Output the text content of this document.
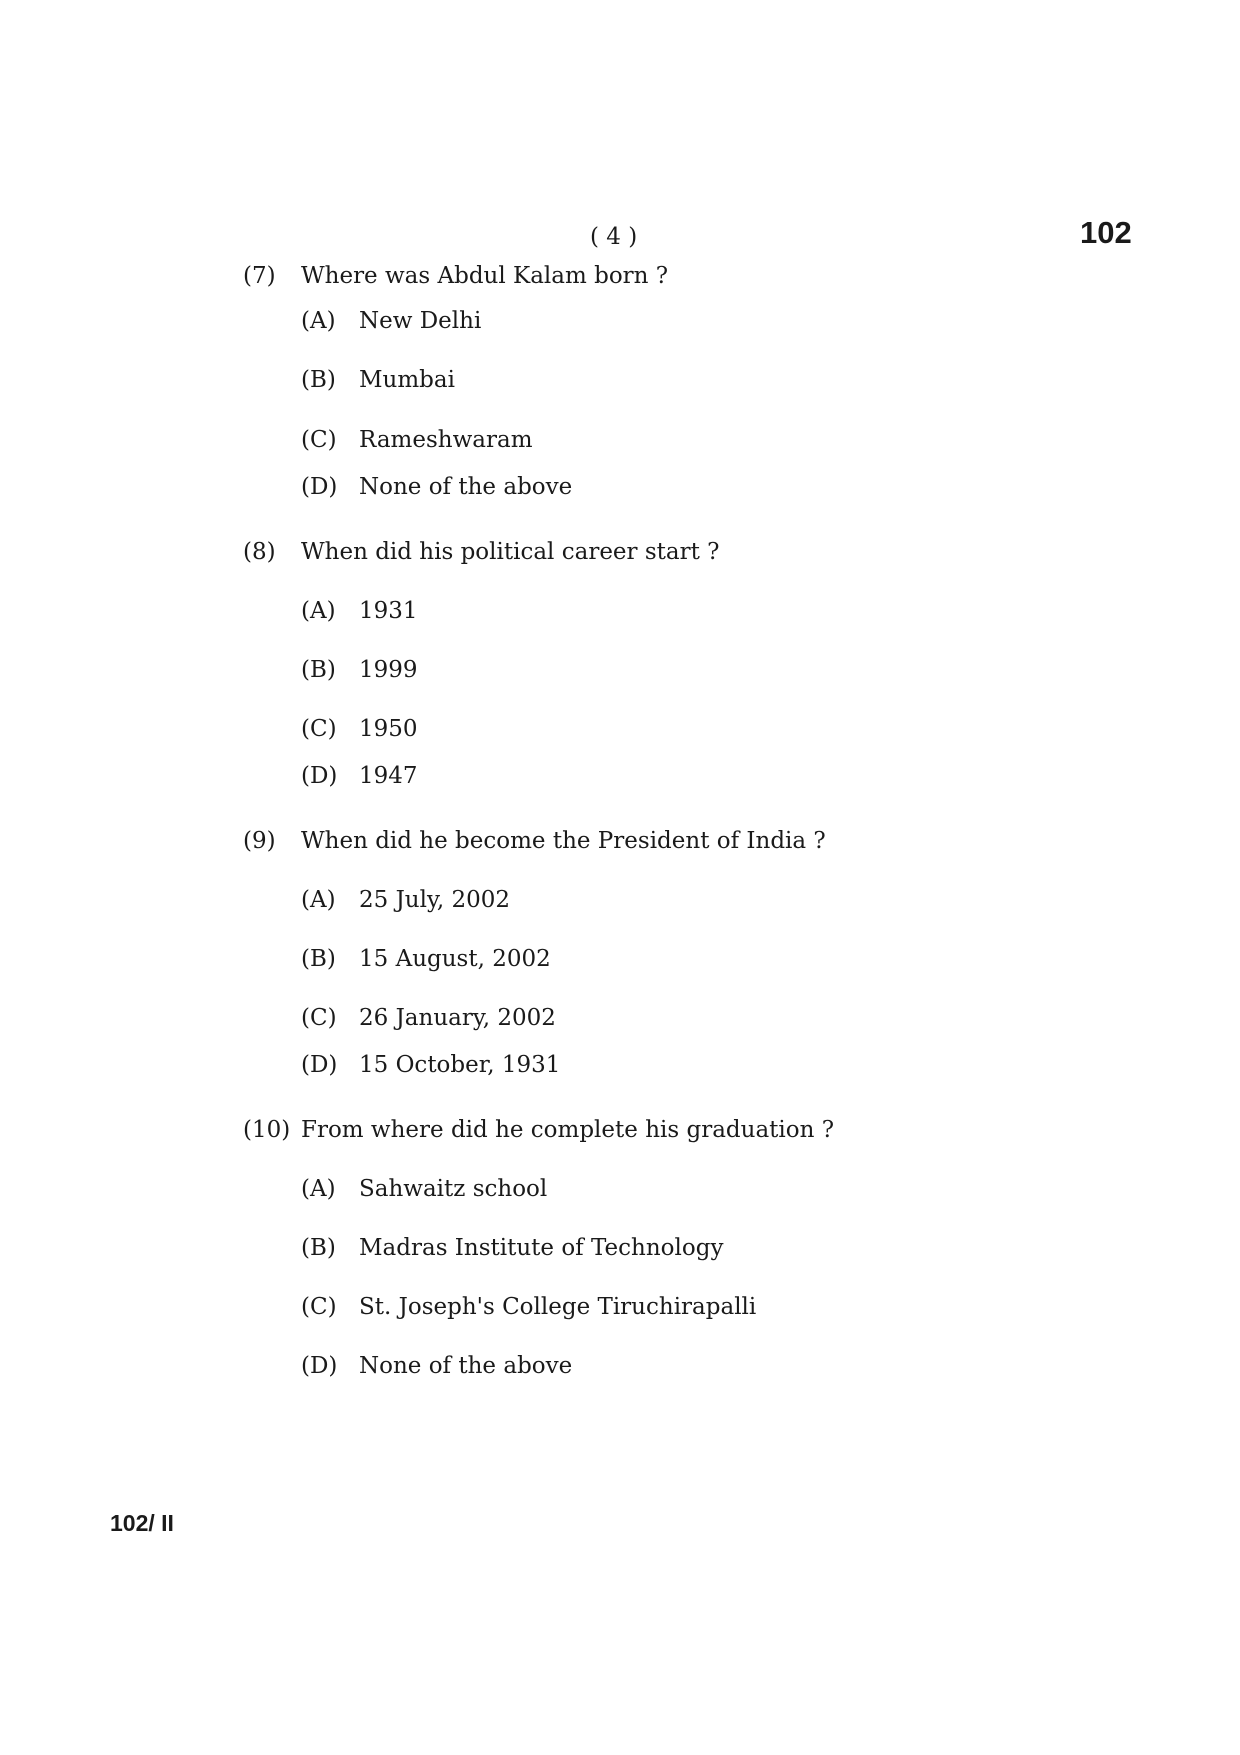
( 4 )	102
(7) Where was Abdul Kalam born ?
(A) New Delhi
(B) Mumbai
(C) Rameshwaram
(D) None of the above
(8) When did his political career start ?
(A) 1931
(B) 1999
(C) 1950
(D) 1947
(9) When did he become the President of India ?
(A) 25 July, 2002
(B) 15 August, 2002
(C) 26 January, 2002
(D) 15 October, 1931
(10) From where did he complete his graduation ?
(A) Sahwaitz school
(B) Madras Institute of Technology
(C) St. Joseph's College Tiruchirapalli
(D) None of the above
102/ II
